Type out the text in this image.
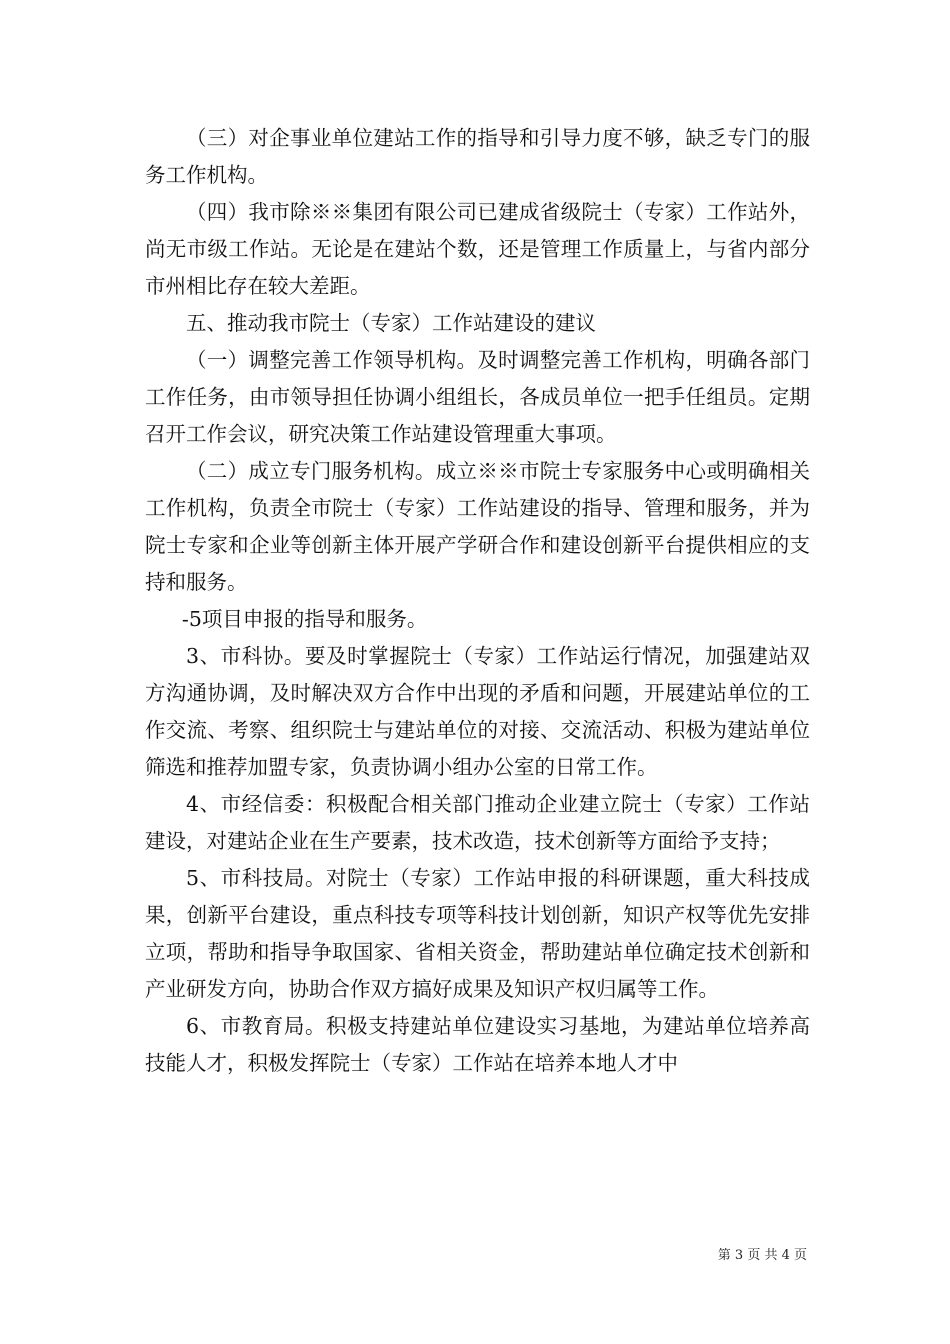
（三）对企事业单位建站工作的指导和引导力度不够，缺乏专门的服务工作机构。

（四）我市除※※集团有限公司已建成省级院士（专家）工作站外，尚无市级工作站。无论是在建站个数，还是管理工作质量上，与省内部分市州相比存在较大差距。

五、推动我市院士（专家）工作站建设的建议

（一）调整完善工作领导机构。及时调整完善工作机构，明确各部门工作任务，由市领导担任协调小组组长，各成员单位一把手任组员。定期召开工作会议，研究决策工作站建设管理重大事项。

（二）成立专门服务机构。成立※※市院士专家服务中心或明确相关工作机构，负责全市院士（专家）工作站建设的指导、管理和服务，并为院士专家和企业等创新主体开展产学研合作和建设创新平台提供相应的支持和服务。

-5项目申报的指导和服务。

3、市科协。要及时掌握院士（专家）工作站运行情况，加强建站双方沟通协调，及时解决双方合作中出现的矛盾和问题，开展建站单位的工作交流、考察、组织院士与建站单位的对接、交流活动、积极为建站单位筛选和推荐加盟专家，负责协调小组办公室的日常工作。

4、市经信委：积极配合相关部门推动企业建立院士（专家）工作站建设，对建站企业在生产要素，技术改造，技术创新等方面给予支持；

5、市科技局。对院士（专家）工作站申报的科研课题，重大科技成果，创新平台建设，重点科技专项等科技计划创新，知识产权等优先安排立项，帮助和指导争取国家、省相关资金，帮助建站单位确定技术创新和产业研发方向，协助合作双方搞好成果及知识产权归属等工作。

6、市教育局。积极支持建站单位建设实习基地，为建站单位培养高技能人才，积极发挥院士（专家）工作站在培养本地人才中

第 3 页 共 4 页
